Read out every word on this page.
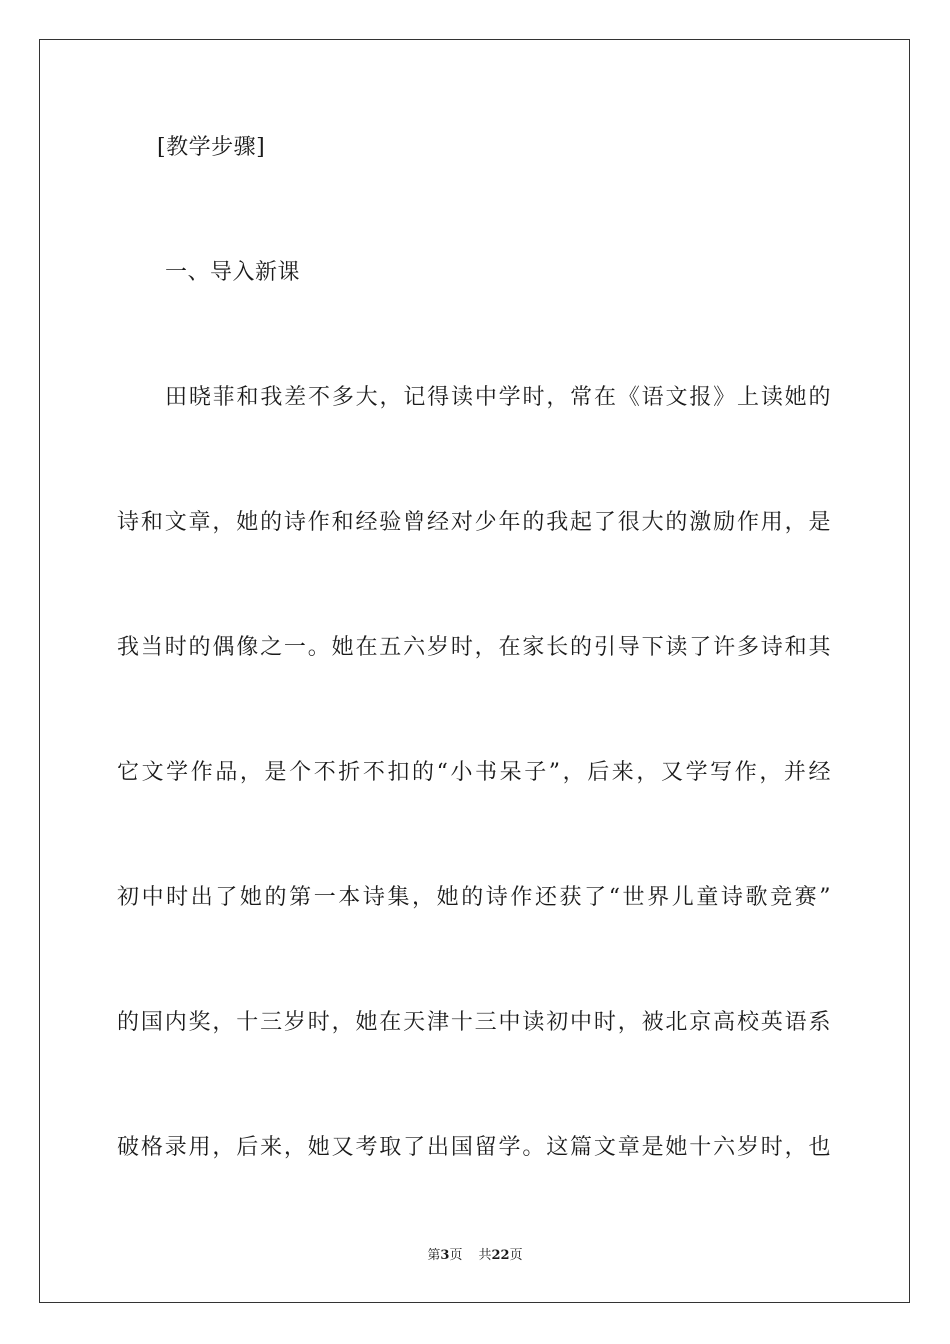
[教学步骤]
一、导入新课
田晓菲和我差不多大，记得读中学时，常在《语文报》上读她的
诗和文章，她的诗作和经验曾经对少年的我起了很大的激励作用，是
我当时的偶像之一。她在五六岁时，在家长的引导下读了许多诗和其
它文学作品，是个不折不扣的“小书呆子”，后来，又学写作，并经
初中时出了她的第一本诗集，她的诗作还获了“世界儿童诗歌竞赛”
的国内奖，十三岁时，她在天津十三中读初中时，被北京高校英语系
破格录用，后来，她又考取了出国留学。这篇文章是她十六岁时，也
第3页 共22页
